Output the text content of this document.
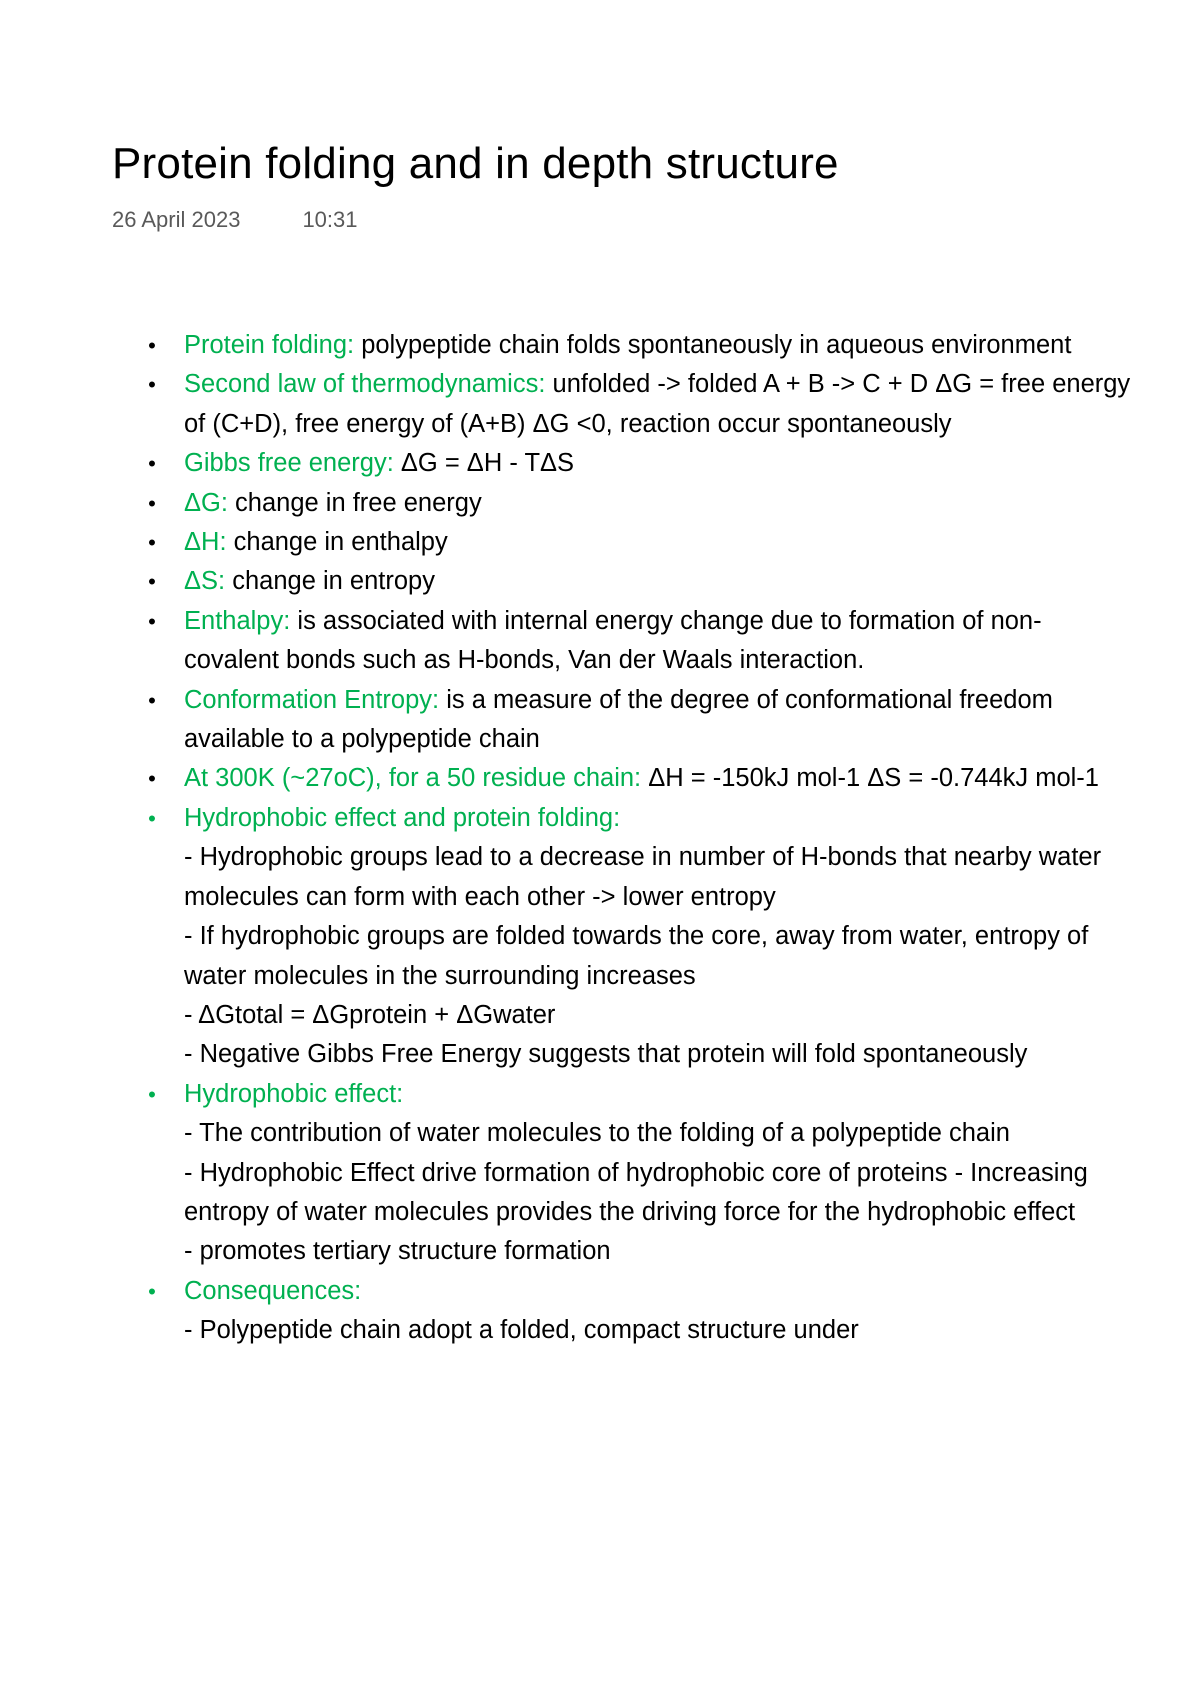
Protein folding and in depth structure
26 April 2023	10:31
• Protein folding: polypeptide chain folds spontaneously in aqueous environment
• Second law of thermodynamics: unfolded -> folded A + B -> C + D ΔG = free energy of (C+D), free energy of (A+B) ΔG <0, reaction occur spontaneously
• Gibbs free energy: ΔG = ΔH - TΔS
• ΔG: change in free energy
• ΔH: change in enthalpy
• ΔS: change in entropy
• Enthalpy: is associated with internal energy change due to formation of non- covalent bonds such as H-bonds, Van der Waals interaction.
• Conformation Entropy: is a measure of the degree of conformational freedom available to a polypeptide chain
• At 300K (~27oC), for a 50 residue chain: ΔH = -150kJ mol-1 ΔS = -0.744kJ mol-1
• Hydrophobic effect and protein folding:
- Hydrophobic groups lead to a decrease in number of H-bonds that nearby water molecules can form with each other -> lower entropy
- If hydrophobic groups are folded towards the core, away from water, entropy of water molecules in the surrounding increases
- ΔGtotal = ΔGprotein + ΔGwater
- Negative Gibbs Free Energy suggests that protein will fold spontaneously
• Hydrophobic effect:
- The contribution of water molecules to the folding of a polypeptide chain
- Hydrophobic Effect drive formation of hydrophobic core of proteins - Increasing entropy of water molecules provides the driving force for the hydrophobic effect
- promotes tertiary structure formation
• Consequences:
- Polypeptide chain adopt a folded, compact structure under
